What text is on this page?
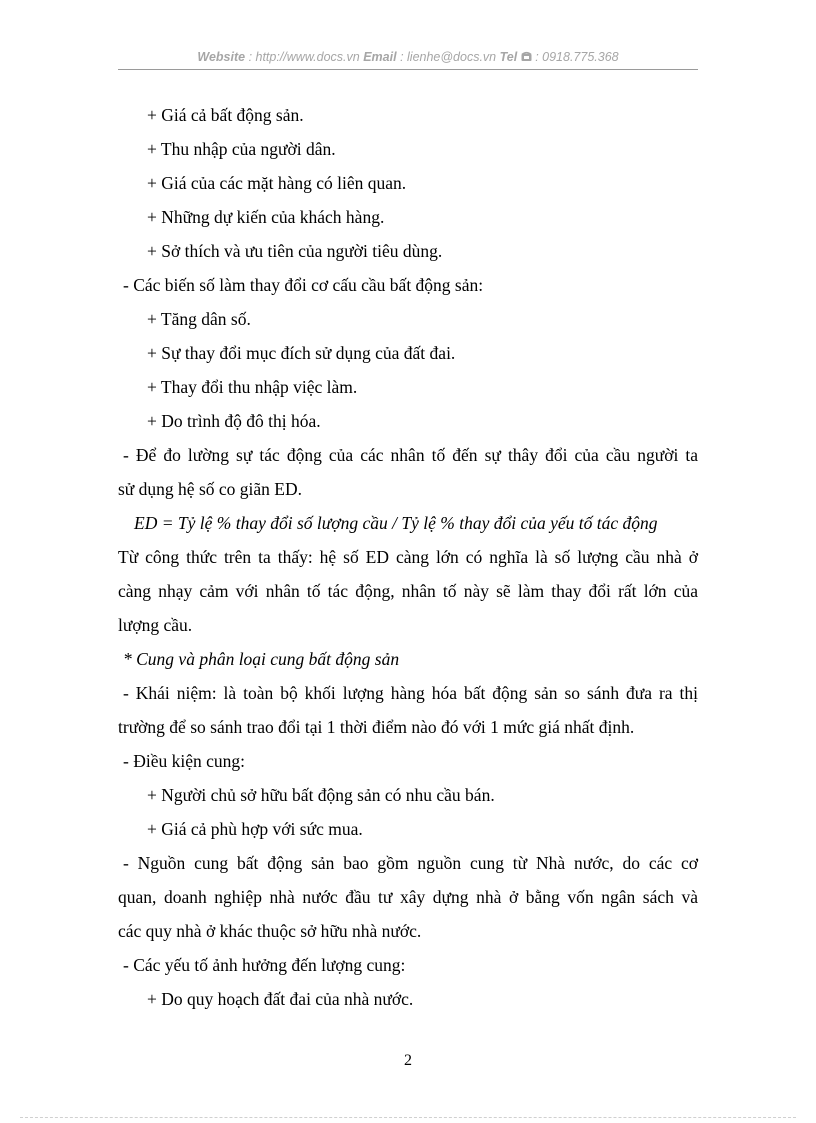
Website : http://www.docs.vn Email : lienhe@docs.vn Tel : 0918.775.368
+ Giá cả bất động sản.
+ Thu nhập của người dân.
+ Giá của các mặt hàng có liên quan.
+ Những dự kiến của khách hàng.
+ Sở thích và ưu tiên của người tiêu dùng.
- Các biến số làm thay đổi cơ cấu cầu bất động sản:
+ Tăng dân số.
+ Sự thay đổi mục đích sử dụng của đất đai.
+ Thay đổi thu nhập việc làm.
+ Do trình độ đô thị hóa.
- Để đo lường sự tác động của các nhân tố đến sự thây đổi của cầu người ta
sử dụng hệ số co giãn ED.
ED = Tỷ lệ % thay đổi số lượng cầu / Tỷ lệ % thay đổi của yếu tố tác động
Từ công thức trên ta thấy: hệ số ED càng lớn có nghĩa là số lượng cầu nhà ở
càng nhạy cảm với nhân tố tác động, nhân tố này sẽ làm thay đổi rất lớn của
lượng cầu.
* Cung và phân loại cung bất động sản
- Khái niệm: là toàn bộ khối lượng hàng hóa bất động sản so sánh đưa ra thị
trường để so sánh trao đổi tại 1 thời điểm nào đó với 1 mức giá nhất định.
- Điều kiện cung:
+ Người chủ sở hữu bất động sản có nhu cầu bán.
+ Giá cả phù hợp với sức mua.
- Nguồn cung bất động sản bao gồm nguồn cung từ Nhà nước, do các cơ
quan, doanh nghiệp nhà nước đầu tư xây dựng nhà ở bằng vốn ngân sách và
các quy nhà ở khác thuộc sở hữu nhà nước.
- Các yếu tố ảnh hưởng đến lượng cung:
+ Do quy hoạch đất đai của nhà nước.
2
